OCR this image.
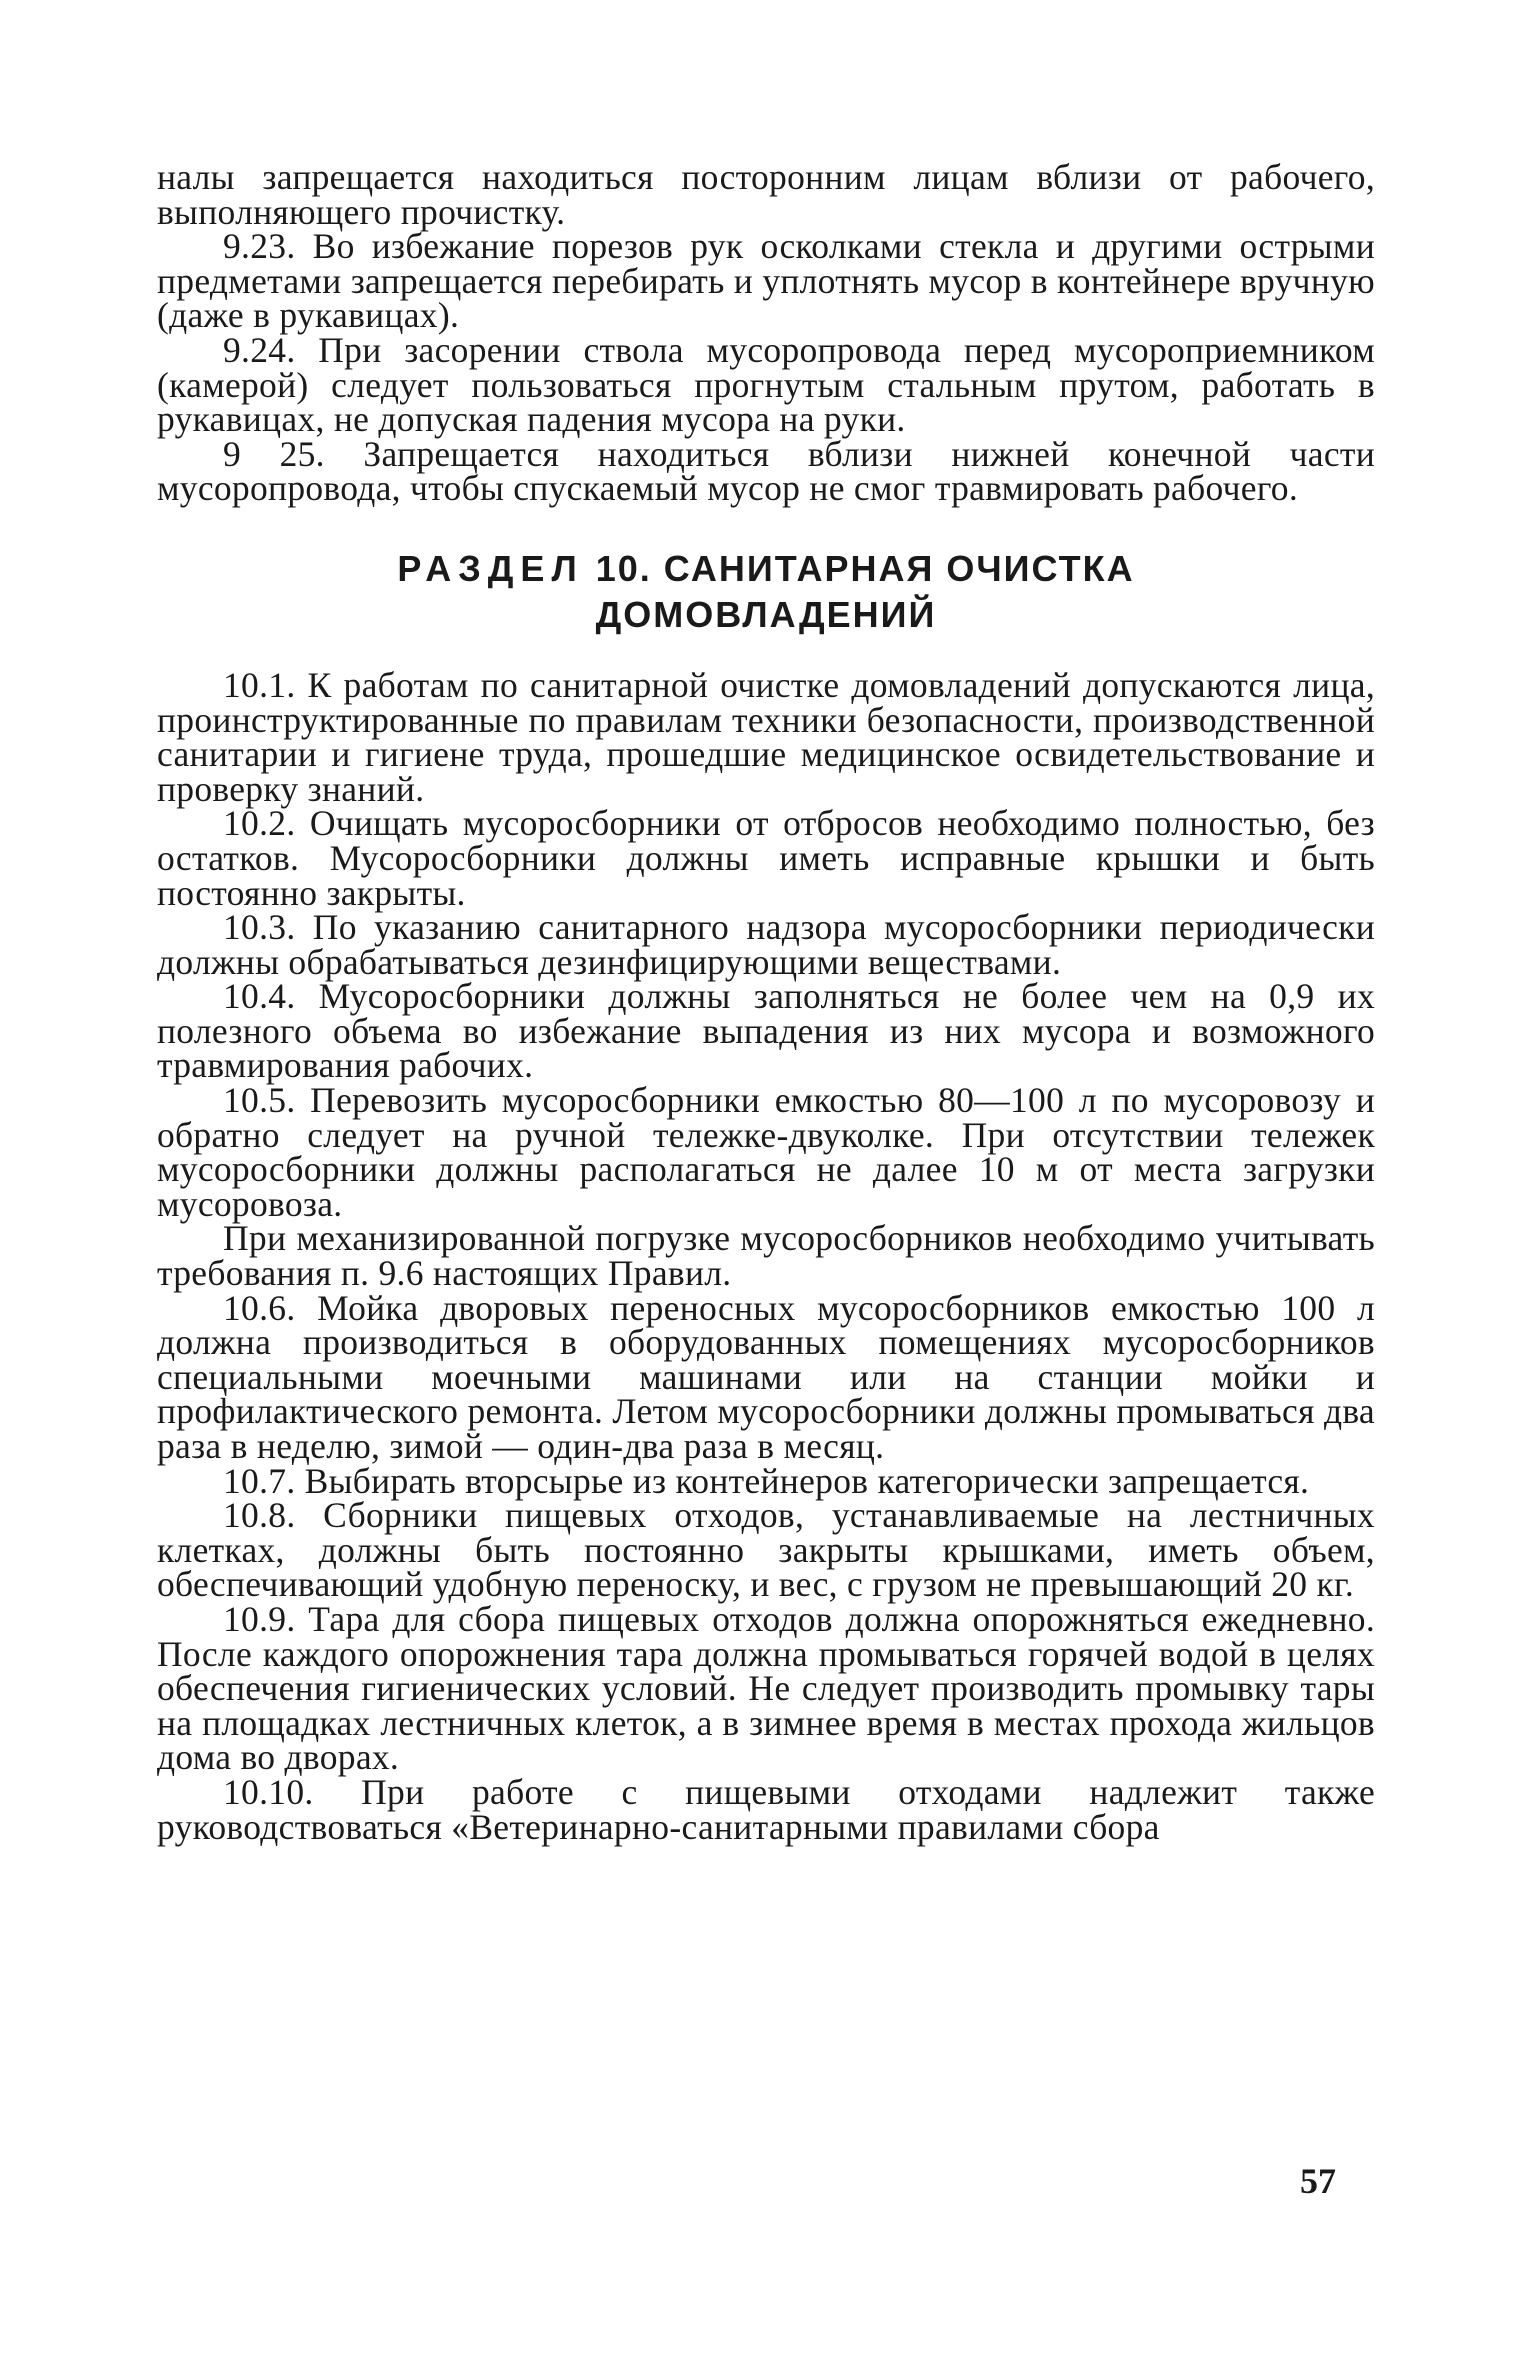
налы запрещается находиться посторонним лицам вблизи от рабочего, выполняющего прочистку.

9.23. Во избежание порезов рук осколками стекла и другими острыми предметами запрещается перебирать и уплотнять мусор в контейнере вручную (даже в рукавицах).

9.24. При засорении ствола мусоропровода перед мусороприемником (камерой) следует пользоваться прогнутым стальным прутом, работать в рукавицах, не допуская падения мусора на руки.

9 25. Запрещается находиться вблизи нижней конечной части мусоропровода, чтобы спускаемый мусор не смог травмировать рабочего.

РАЗДЕЛ 10. САНИТАРНАЯ ОЧИСТКА
ДОМОВЛАДЕНИЙ

10.1. К работам по санитарной очистке домовладений допускаются лица, проинструктированные по правилам техники безопасности, производственной санитарии и гигиене труда, прошедшие медицинское освидетельствование и проверку знаний.

10.2. Очищать мусоросборники от отбросов необходимо полностью, без остатков. Мусоросборники должны иметь исправные крышки и быть постоянно закрыты.

10.3. По указанию санитарного надзора мусоросборники периодически должны обрабатываться дезинфицирующими веществами.

10.4. Мусоросборники должны заполняться не более чем на 0,9 их полезного объема во избежание выпадения из них мусора и возможного травмирования рабочих.

10.5. Перевозить мусоросборники емкостью 80—100 л по мусоровозу и обратно следует на ручной тележке-двуколке. При отсутствии тележек мусоросборники должны располагаться не далее 10 м от места загрузки мусоровоза.

При механизированной погрузке мусоросборников необходимо учитывать требования п. 9.6 настоящих Правил.

10.6. Мойка дворовых переносных мусоросборников емкостью 100 л должна производиться в оборудованных помещениях мусоросборников специальными моечными машинами или на станции мойки и профилактического ремонта. Летом мусоросборники должны промываться два раза в неделю, зимой — один-два раза в месяц.

10.7. Выбирать вторсырье из контейнеров категорически запрещается.

10.8. Сборники пищевых отходов, устанавливаемые на лестничных клетках, должны быть постоянно закрыты крышками, иметь объем, обеспечивающий удобную переноску, и вес, с грузом не превышающий 20 кг.

10.9. Тара для сбора пищевых отходов должна опорожняться ежедневно. После каждого опорожнения тара должна промываться горячей водой в целях обеспечения гигиенических условий. Не следует производить промывку тары на площадках лестничных клеток, а в зимнее время в местах прохода жильцов дома во дворах.

10.10. При работе с пищевыми отходами надлежит также руководствоваться «Ветеринарно-санитарными правилами сбора

57
